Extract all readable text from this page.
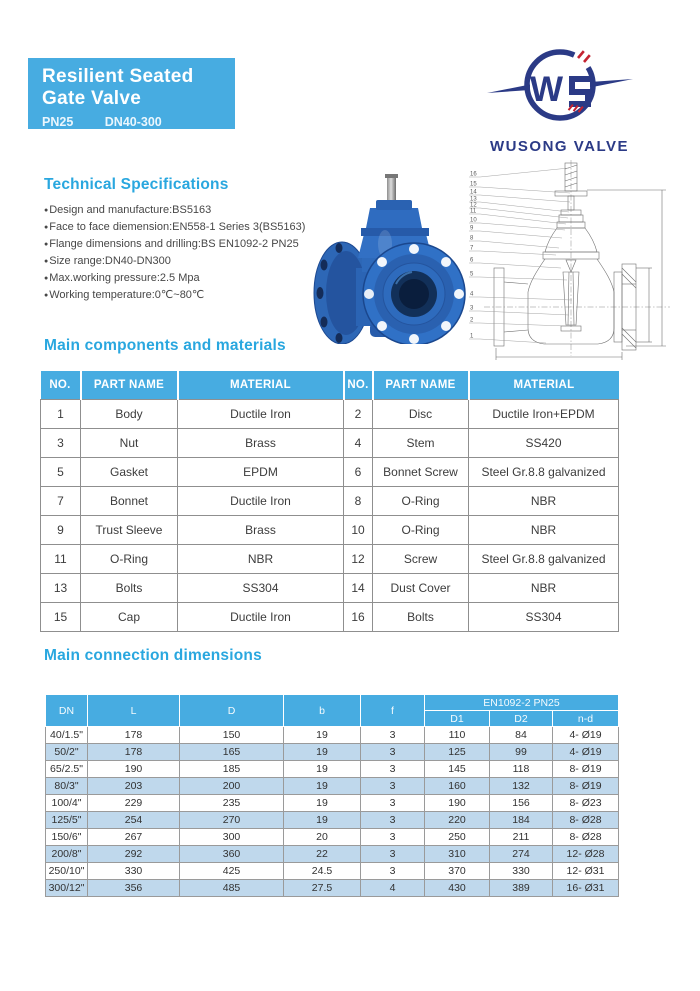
Resilient Seated
Gate Valve
PN25	DN40-300
W
WUSONG VALVE
Technical Specifications
● Design and manufacture:BS5163
● Face to face diemension:EN558-1 Series 3(BS5163)
● Flange dimensions and drilling:BS EN1092-2 PN25
● Size range:DN40-DN300
● Max.working pressure:2.5 Mpa
● Working temperature:0℃~80℃
16
15
14
13
12
11
10
9
8
7
6
5
4
3
2
1
Main components and materials
NO.	PART NAME	MATERIAL	NO.	PART NAME	MATERIAL
1	Body	Ductile Iron	2	Disc	Ductile Iron+EPDM
3	Nut	Brass	4	Stem	SS420
5	Gasket	EPDM	6	Bonnet Screw	Steel Gr.8.8 galvanized
7	Bonnet	Ductile Iron	8	O-Ring	NBR
9	Trust Sleeve	Brass	10	O-Ring	NBR
11	O-Ring	NBR	12	Screw	Steel Gr.8.8 galvanized
13	Bolts	SS304	14	Dust Cover	NBR
15	Cap	Ductile Iron	16	Bolts	SS304
Main connection dimensions
DN	L	D	b	f	EN1092-2 PN25		
					D1	D2	n-d
40/1.5"	178	150	19	3	110	84	4- Ø19
50/2"	178	165	19	3	125	99	4- Ø19
65/2.5"	190	185	19	3	145	118	8- Ø19
80/3"	203	200	19	3	160	132	8- Ø19
100/4"	229	235	19	3	190	156	8- Ø23
125/5"	254	270	19	3	220	184	8- Ø28
150/6"	267	300	20	3	250	211	8- Ø28
200/8"	292	360	22	3	310	274	12- Ø28
250/10"	330	425	24.5	3	370	330	12- Ø31
300/12"	356	485	27.5	4	430	389	16- Ø31
